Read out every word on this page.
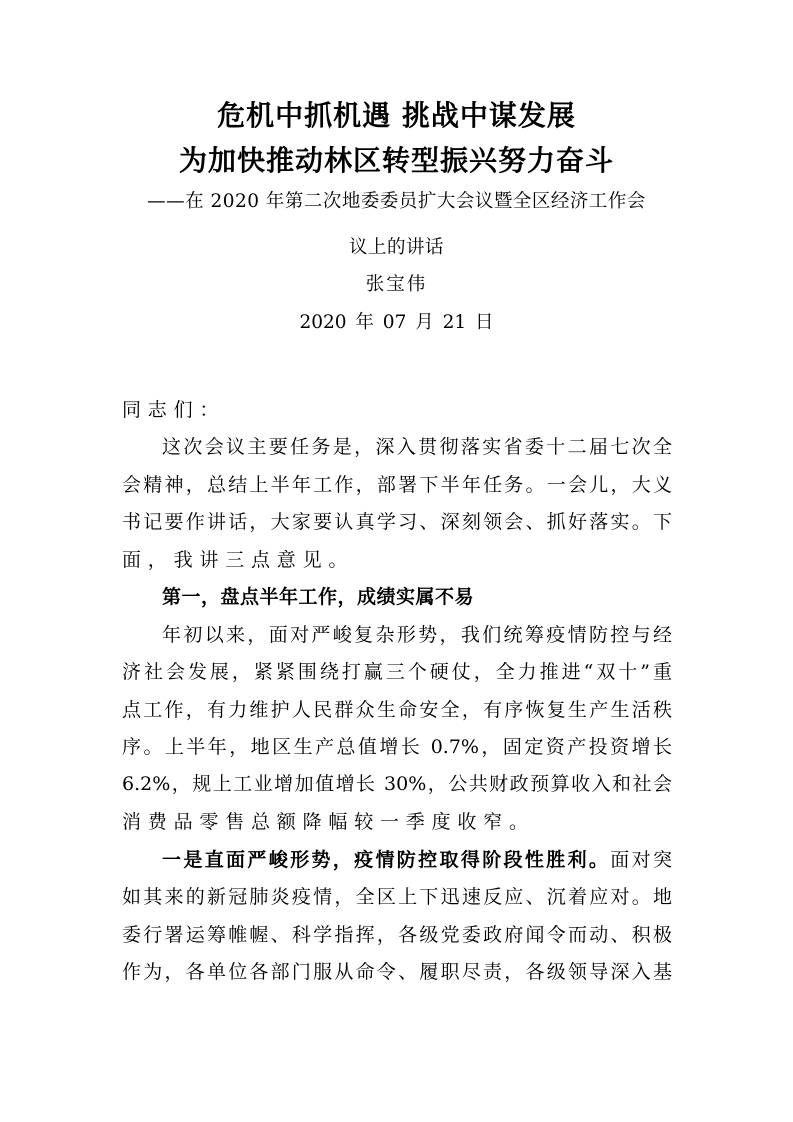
危机中抓机遇 挑战中谋发展
为加快推动林区转型振兴努力奋斗
——在 2020 年第二次地委委员扩大会议暨全区经济工作会
议上的讲话
张宝伟
2020 年 07 月 21 日
同志们：
这次会议主要任务是，深入贯彻落实省委十二届七次全
会精神，总结上半年工作，部署下半年任务。一会儿，大义
书记要作讲话，大家要认真学习、深刻领会、抓好落实。下
面，我讲三点意见。
第一，盘点半年工作，成绩实属不易
年初以来，面对严峻复杂形势，我们统筹疫情防控与经
济社会发展，紧紧围绕打赢三个硬仗，全力推进“双十”重
点工作，有力维护人民群众生命安全，有序恢复生产生活秩
序。上半年，地区生产总值增长 0.7%，固定资产投资增长
6.2%，规上工业增加值增长 30%，公共财政预算收入和社会
消费品零售总额降幅较一季度收窄。
一是直面严峻形势，疫情防控取得阶段性胜利。面对突
如其来的新冠肺炎疫情，全区上下迅速反应、沉着应对。地
委行署运筹帷幄、科学指挥，各级党委政府闻令而动、积极
作为，各单位各部门服从命令、履职尽责，各级领导深入基
